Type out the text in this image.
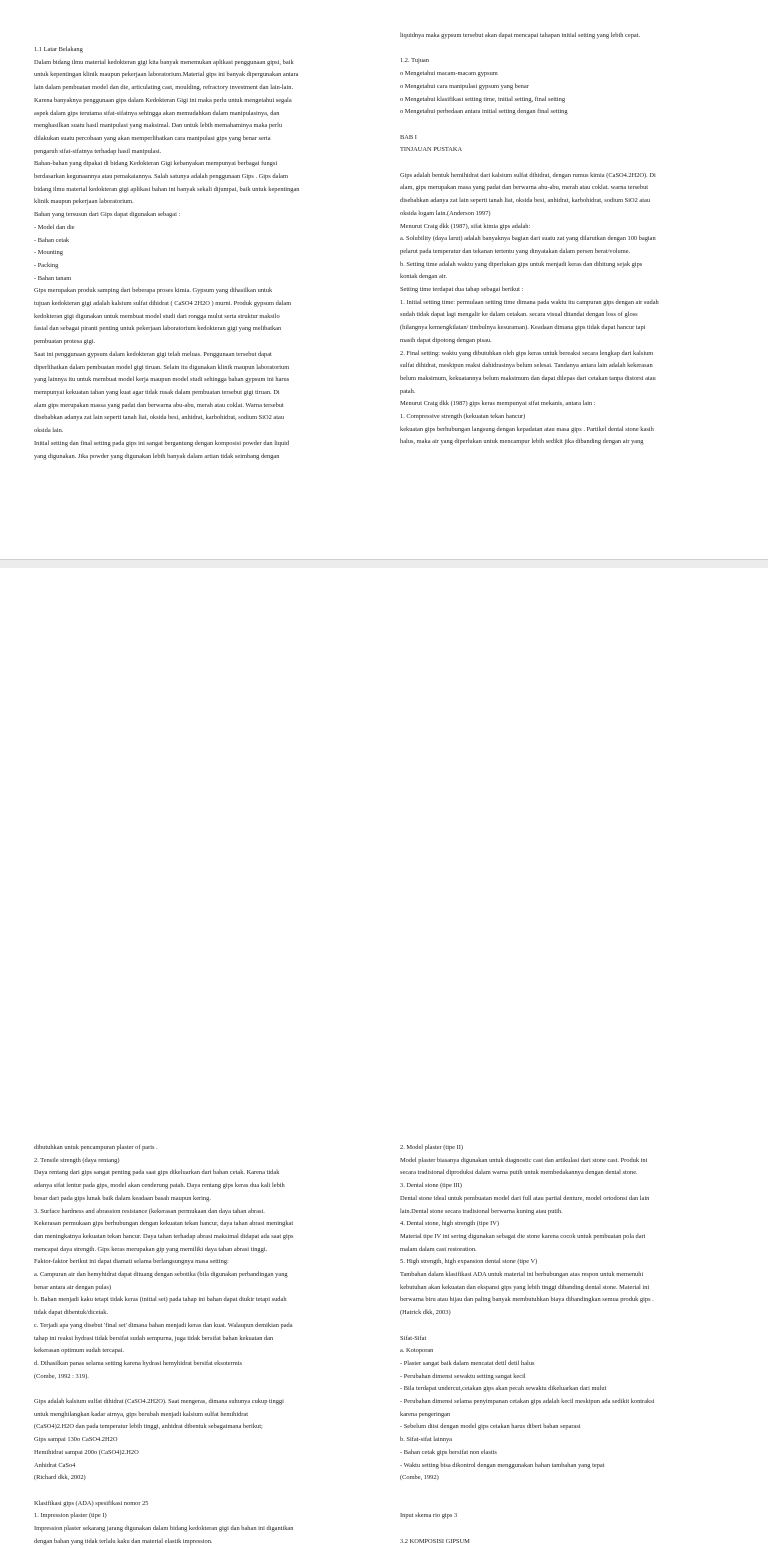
1.1 Latar Belakang
Dalam bidang ilmu material kedokteran gigi kita banyak menemukan aplikasi penggunaan gipsi, baik
untuk kepentingan klinik maupun pekerjaan laboratorium.Material gips ini banyak dipergunakan antara
lain dalam pembuatan model dan die, articulating cast, moulding, refractory investment dan lain-lain.
Karena banyaknya penggunaan gips dalam Kedokteran Gigi ini maka perlu untuk mengetahui segala
aspek dalam gips terutama sifat-sifatnya sehingga akan memudahkan dalam manipulasinya, dan
menghasilkan suatu hasil manipulasi yang maksimal. Dan untuk lebih memahaminya maka perlu
dilakukan suatu percobaan yang akan memperlihatkan cara manipulasi gips yang benar serta
pengaruh sifat-sifatnya terhadap hasil manipulasi.
Bahan-bahan yang dipakai di bidang Kedokteran Gigi kebanyakan mempunyai berbagai fungsi
berdasarkan kegunaannya atau pemakaiannya. Salah satunya adalah penggunaan Gips . Gips dalam
bidang ilmu material kedokteran gigi aplikasi bahan ini banyak sekali dijumpai, baik untuk kepentingan
klinik maupun pekerjaan laboratorium.
Bahan yang tersusun dari Gips dapat digunakan sebagai :
- Model dan die
- Bahan cetak
- Mounting
- Packing
- Bahan tanam
Gips merupakan produk samping dari beberapa proses kimia. Gypsum yang dihasilkan untuk
tujuan kedokteran gigi adalah kalsium sulfat dihidrat ( CaSO4 2H2O ) murni. Produk gypsum dalam
kedokteran gigi digunakan untuk membuat model studi dari rongga mulut serta struktur maksilo
fasial dan sebagai piranti penting untuk pekerjaan laboratorium kedokteran gigi yang melibatkan
pembuatan protesa gigi.
Saat ini penggunaan gypsum dalam kedokteran gigi telah meluas. Penggunaan tersebut dapat
diperlihatkan dalam pembuatan model gigi tiruan. Selain itu digunakan klinik maupun laboratorium
yang lainnya itu untuk membuat model kerja maupun model studi sehingga bahan gypsum ini harus
mempunyai kekuatan tahan yang kuat agar tidak rusak dalam pembuatan tersebut gigi tiruan. Di
alam gips merupakan massa yang padat dan berwarna abu-abu, merah atau coklat. Warna tersebut
disebabkan adanya zat lain seperti tanah liat, oksida besi, anhidrat, karbohidrat, sodium SiO2 atau
oksida lain.
Initial setting dan final setting pada gips ini sangat bergantung dengan komposisi powder dan liquid
yang digunakan. Jika powder yang digunakan lebih banyak dalam artian tidak seimbang dengan
liquidnya maka gypsum tersebut akan dapat mencapai tahapan initial setting yang lebih cepat.
1.2. Tujuan
o Mengetahui macam-macam gypsum
o Mengetahui cara manipulasi gypsum yang benar
o Mengetahui klasifikasi setting time, initial setting, final setting
o Mengetahui perbedaan antara initial setting dengan final setting
BAB I
TINJAUAN PUSTAKA
Gips adalah bentuk hemihidrat dari kalsium sulfat dihidrat, dengan rumus kimia (CaSO4.2H2O). Di
alam, gips merupakan masa yang padat dan berwarna abu-abu, merah atau coklat. warna tersebut
disebabkan adanya zat lain seperti tanah liat, oksida besi, anhidrat, karbohidrat, sodium SiO2 atau
oksida logam lain.(Anderson 1997)
Menurut Craig dkk (1987), sifat kimia gips adalah:
a. Solubility (daya larut) adalah banyaknya bagian dari suatu zat yang dilarutkan dengan 100 bagian
pelarut pada temperatur dan tekanan tertentu yang dinyatakan dalam persen berat/volume.
b. Setting time adalah waktu yang diperlukan gips untuk menjadi keras dan dihitung sejak gips
kontak dengan air.
Setting time terdapat dua tahap sebagai berikut :
1. Initial setting time: permulaan setting time dimana pada waktu itu campuran gips dengan air sudah
sudah tidak dapat lagi mengalir ke dalam cetakan. secara visual ditandai dengan loss of gloss
(hilangnya kemengkilatan/ timbulnya kesuraman). Keadaan dimana gips tidak dapat hancur tapi
masih dapat dipotong dengan pisau.
2. Final setting: waktu yang dibutuhkan oleh gips keras untuk bereaksi secara lengkap dari kalsium
sulfat dihidrat, meskipun reaksi dahidrasinya belum selesai. Tandanya antara lain adalah kekerasan
belum maksimum, kekuatannya belum maksimum dan dapat dilepas dari cetakan tanpa distorsi atau
patah.
Menurut Craig dkk (1987) gips keras mempunyai sifat mekanis, antara lain :
1. Compressive strength (kekuatan tekan hancur)
kekuatan gips berhubungan langsung dengan kepadatan atau masa gips . Partikel dental stone kasih
halus, maka air yang diperlukan untuk mencampur lebih sedikit jika dibanding dengan air yang
dibutuhkan untuk pencampuran plaster of paris .
2. Tensile strength (daya rentang)
Daya rentang dari gips sangat penting pada saat gips dikeluarkan dari bahan cetak. Karena tidak
adanya sifat lentur pada gips, model akan cenderung patah. Daya rentang gips keras dua kali lebih
besar dari pada gips lunak baik dalam keadaan basah maupun kering.
3. Surface hardness and abrassion resistance (kekerasan permukaan dan daya tahan abrasi.
Kekerasan permukaan gips berhubungan dengan kekuatan tekan hancur, daya tahan abrasi meningkat
dan meningkatnya kekuatan tekan hancur. Daya tahan terhadap abrasi maksimal didapat ada saat gips
mencapai daya strength. Gips keras merupakan gip yang memiliki daya tahan abrasi tinggi.
Faktor-faktor berikut ini dapat diamati selama berlangsungnya masa setting:
a. Campuran air dan hemyhidrat dapat dituang dengan sebotika (bila digunakan perbandingan yang
benar antara air dengan pulas)
b. Bahan menjadi kaku tetapi tidak keras (initial set) pada tahap ini bahan dapat diukir tetapi sudah
tidak dapat dibentuk/dicetak.
c. Terjadi apa yang disebut 'final set' dimana bahan menjadi keras dan kuat. Walaupun demikian pada
tahap ini reaksi hydrasi tidak bersifat sudah sempurna, juga tidak bersifat bahan kekuatan dan
kekerasan optimum sudah tercapai.
d. Dihasilkan panas selama setting karena hydrasi hemyhidrat bersifat eksotermis
(Combe, 1992 : 319).
Gips adalah kalsium sulfat dihidrat (CaSO4.2H2O). Saat mengeras, dimana suhunya cukup tinggi
untuk menghilangkan kadar airnya, gips berubah menjadi kalsium sulfat hemihidrat
(CaSO4)2.H2O dan pada temperatur lebih tinggi, anhidrat dibentuk sebagaimana berikut;
Gips sampai 130o CaSO4.2H2O
Hemihidrat sampai 200o (CaSO4)2.H2O
Anhidrat CaSo4
(Richard dkk, 2002)
Klasifikasi gips (ADA) spesifikasi nomor 25
1. Impression plaster (tipe I)
Impression plaster sekarang jarang digunakan dalam bidang kedokteran gigi dan bahan ini digantikan
dengan bahan yang tidak terlalu kaku dan material elastik impression.
2. Model plaster (tipe II)
Model plaster biasanya digunakan untuk diagnostic cast dan artikulasi dari stone cast. Produk ini
secara tradisional diproduksi dalam warna putih untuk membedakannya dengan dental stone.
3. Dental stone (tipe III)
Dental stone ideal untuk pembuatan model dari full atau partial denture, model ortodonsi dan lain
lain.Dental stone secara tradisional berwarna kuning atau putih.
4. Dental stone, high strength (tipe IV)
Material tipe IV ini sering digunakan sebagai die stone karena cocok untuk pembuatan pola dari
malam dalam cast restoration.
5. High strength, high expansion dental stone (tipe V)
Tambahan dalam klasifikasi ADA untuk material ini berhubungan atas respon untuk memenuhi
kebutuhan akan kekuatan dan ekspansi gips yang lebih tinggi dibanding dental stone. Material ini
berwarna biru atau hijau dan paling banyak membutuhkan biaya dibandingkan semua produk gips .
(Hatrick dkk, 2003)
Sifat-Sifat
a. Kotoporan
- Plaster sangat baik dalam mencatat detil detil halus
- Perubahan dimensi sewaktu setting sangat kecil
- Bila terdapat undercut,cetakan gips akan pecah sewaktu dikeluarkan dari mulut
- Perubahan dimensi selama penyimpanan cetakan gips adalah kecil meskipun ada sedikit kontraksi
karena pengeringan
- Sebelum diisi dengan model gips cetakan harus diberi bahan separasi
b. Sifat-sifat lainnya
- Bahan cetak gips bersifat non elastis
- Waktu setting bisa dikontrol dengan menggunakan bahan tambahan yang tepat
(Combe, 1992)
Input skema rio gips 3
3.2 KOMPOSISI GIPSUM
